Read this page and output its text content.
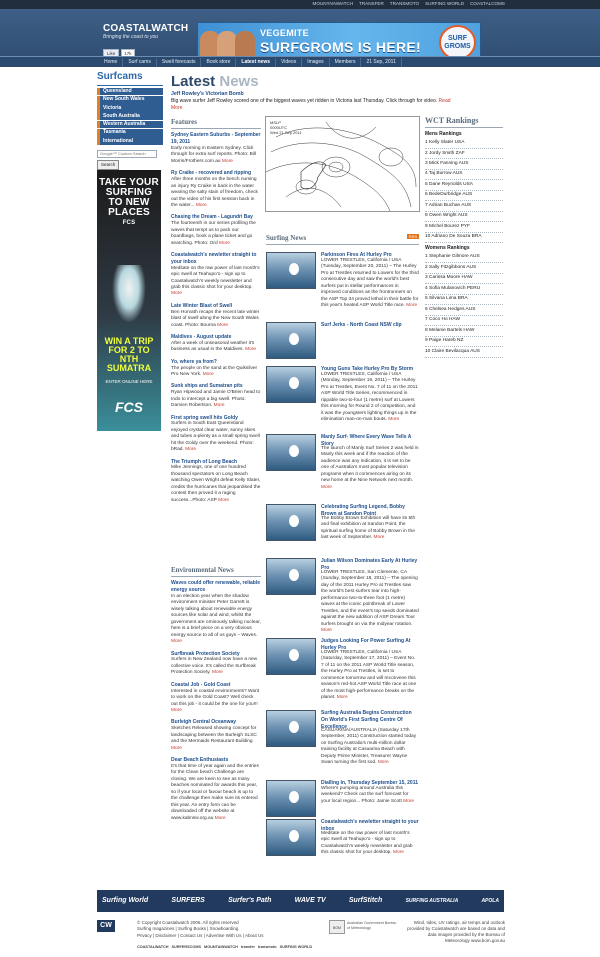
MOUNTAINWATCH	TRANSFER	TRANSMOTO	SURFING WORLD	COASTALCOMS
COASTALWATCH
Bringing the coast to you
Like	17k
VEGEMITE
SURFGROMS IS HERE!
SURF GROMS
Home	Surf cams	Swell forecasts	Book store	Latest news	Videos	Images	Members	21 Sep, 2011
Surfcams
Queensland
New South Wales
Victoria
South Australia
Western Australia
Tasmania
International
Google™ Custom Search
Search
TAKE YOUR
SURFING
TO NEW
PLACES
FCS
WIN A TRIP
FOR 2 TO
NTH SUMATRA
ENTER ONLINE HERE
FCS
Latest News
Jeff Rowley's Victorian Bomb
Big wave surfer Jeff Rowley scored one of the biggest waves yet ridden in Victoria last Thursday. Click through for video. Read More
Features
Sydney Eastern Suburbs - September 19, 2011
Early morning in Eastern Sydney. Click through for extra surf reports. Photo: Bill Morris/Frothers.com.au More
Ry Craike - recovered and ripping
After three months on the bench nursing an injury Ry Craike is back in the water wearing the salty stain of freedom, check out the video of his first session back in the water... More
Chasing the Dream - Lagundri Bay
The fourteenth in our series profiling the waves that tempt us to pack our boardbags, book a plane ticket and go searching. Photo: Ord More
Coastalwatch's newletter straight to your inbox
Meditate on the raw power of last month's epic swell at Teahupo'o - sign up to Coastalwatch's weekly newsletter and grab this classic shot for your desktop. More
Late Winter Blast of Swell
Ben Horvath recaps the recent late winter blast of swell along the New South Wales coast. Photo: Bourna More
Maldives - August update
After a week of unseasonal weather it's business as usual in the Maldives. More
Yo, where ya from?
The people on the sand at the Quiksilver Pro New York. More
Sunk ships and Sumatran pits
Ryan Hipwood and Jamie O'Brien head to Indo to intercept a big swell. Photo: Damien Robertson. More
First spring swell hits Goldy
Surfers in South East Queensland enjoyed crystal clear water, sunny skies and tubes a-plenty as a small spring swell hit the Goldy over the weekend. Photo: bRad. More
The Triumph of Long Beach
Mike Jennings, one of one hundred thousand spectators on Long Beach watching Owen Wright defeat Kelly Slater, credits the hurricanes that jeopardised the contest then proved it a raging success...Photo: ASP More
Environmental News
Waves could offer renewable, reliable energy source
In an election year when the shadow environment minister Peter Garrett is wisely talking about renewable energy sources like solar and wind, whilst the government are ominously talking nuclear, here is a brief piece on a very obvious energy source to all of us guys – Waves. More
Surfbreak Protection Society
Surfers in New Zealand now have a new collective voice. It's called the Surfbreak Protection Society. More
Coastal Job - Gold Coast
Interested in coastal environments? Want to work on the Gold Coast? Well check out this job - it could be the one for you!!! More
Burleigh Central Oceanway
Sketches Released showing concept for landscaping between the Burleigh SLSC and the Mermaids Restaurant Building More
Dear Beach Enthusiasts
It's that time of year again and the entries for the Clean beach Challenge are closing. We are keen to see as many beaches nominated for awards this year, so if your local or favour beach is up to the challenge then make sure its entered this year. An entry form can be downloaded off the website at www.kabnsw.org.au More
MSLP
0000UTC
Wed 21 Sep 2011
Surfing News	RSS
Parkinson Fires At Hurley Pro
LOWER TRESTLES, California / USA (Tuesday, September 20, 2011) – The Hurley Pro at Trestles returned to Lowers for the third consecutive day and saw the world's best surfers put in stellar performances in improved conditions as the frontrunners on the ASP Top 34 proved lethal in their battle for this year's heated ASP World Title race. More
Surf Jerks - North Coast NSW clip
Young Guns Take Hurley Pro By Storm
LOWER TRESTLES, California / USA (Monday, September 19, 2011) – The Hurley Pro at Trestles, Event No. 7 of 11 on the 2011 ASP World Title Series, recommenced in rippable two-to-four (1 metre) surf at Lowers this morning for Round 2 of competition, and it was the youngsters lighting things up in the elimination man-on-man bouts. More
Manly Surf- Where Every Wave Tells A Story
The launch of Manly Surf Series 2 was held in Manly this week and if the reaction of the audience was any indication, it is set to be one of Australia's most popular television programs when it commences airing on its new home at the Nine Network next month. More
Celebrating Surfing Legend, Bobby Brown at Sandon Point
The Bobby Brown Exhibition will have its 5th and final exhibition at Sandon Point, the spiritual surfing home of Bobby Brown in the last week of September. More
Julian Wilson Dominates Early At Hurley Pro
LOWER TRESTLES, San Clemente, CA (Sunday, September 18, 2011) – The opening day of the 2011 Hurley Pro at Trestles saw the world's best surfers tear into high-performance two-to-three foot (1 metre) waves at the iconic pointbreak of Lower Trestles, and the event's top seeds dominated against the new addition of ASP Dream Tour surfers brought on via the midyear rotation. More
Judges Looking For Power Surfing At Hurley Pro
LOWER TRESTLES, California / USA (Saturday, September 17, 2011) – Event No. 7 of 11 on the 2011 ASP World Title season, the Hurley Pro at Trestles, is set to commence tomorrow and will reconvene this season's red-hot ASP World Title race at one of the most high-performance breaks on the planet. More
Surfing Australia Begins Construction On World's First Surfing Centre Of Excellence
CASUARINA/AUSTRALIA (Saturday 17th September, 2011) Construction started today on Surfing Australia's multi-million dollar training facility at Casuarina Beach with Deputy Prime Minister, Treasurer Wayne Swan turning the first sod. More
Dialling In, Thursday September 15, 2011
Where's pumping around Australia this weekend? Check out the surf forecast for your local region... Photo: Jamie Scott More
Coastalwatch's newletter straight to your inbox
Meditate on the raw power of last month's epic swell at Teahupo'o - sign up to Coastalwatch's weekly newsletter and grab this classic shot for your desktop. More
WCT Rankings
Mens Rankings
1 Kelly Slater USA
2 Jordy Smith ZAF
3 Mick Fanning AUS
4 Taj Burrow AUS
5 Dane Reynolds USA
6 BedeDurbridge AUS
7 Adrian Buchan AUS
8 Owen Wright AUS
9 Michel Bourez PYF
10 Adriano De Souza BRA
Womens Rankings
1 Stephanie Gilmore AUS
2 Sally Fitzgibbons AUS
3 Carissa Moore HAW
4 Sofia Mulanovich PERU
5 Silvana Lima BRA
6 Chelsea Hedges AUS
7 Coco Ho HAW
8 Melanie Bartels HAW
9 Paige Hareb NZ
10 Claire Bevilacqua AUS
Surfing World	SURFERS	Surfer's Path	WAVE TV	SurfStitch	SURFING AUSTRALIA	APOLA
CW	© Copyright Coastalwatch 2006. All rights reserved
Surfing magazines | Surfing Books | Snowboarding
Privacy | Disclaimer | Contact Us | Advertise With Us | About Us
BOM
Australian Government Bureau of Meteorology
Wind, tides, UV ratings, air temps and outlook provided by Coastalwatch are based on data and data images provided by the Bureau of Meteorology www.bom.gov.au
COASTALWATCH SURFERSCOMS MOUNTAINWATCH transfer transmoto SURFING WORLD
